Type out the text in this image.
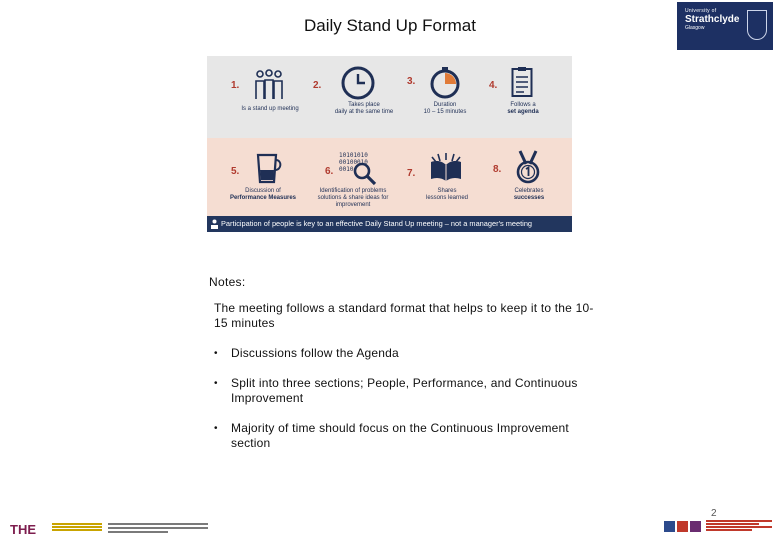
Daily Stand Up Format
University of
Strathclyde
Glasgow
1.
Is a stand up meeting
2.
Takes place
daily at the same time
3.
Duration
10 – 15 minutes
4.
Follows a
set agenda
5.
Discussion of
Performance Measures
6.
10101010
00100010
0010
Identification of problems
solutions & share ideas for
improvement
7.
Shares
lessons learned
8.
Celebrates
successes
Participation of people is key to an effective Daily Stand Up meeting – not a manager's meeting
Notes:
The meeting follows a standard format that helps to keep it to the 10-15 minutes
• Discussions follow the Agenda
• Split into three sections; People, Performance, and Continuous Improvement
• Majority of time should focus on the Continuous Improvement section
2
THE
